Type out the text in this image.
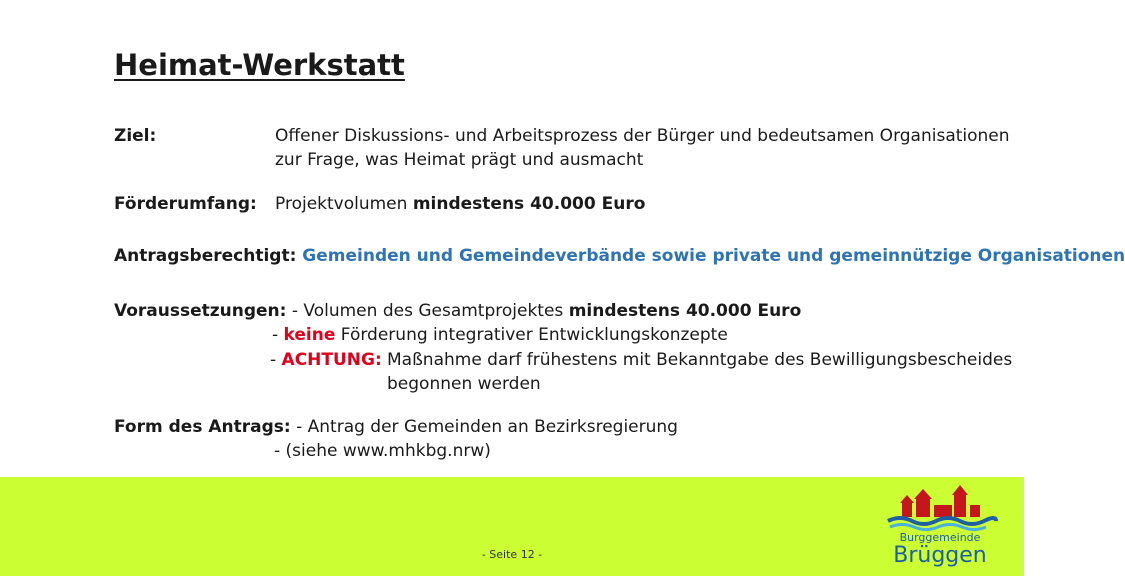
Heimat-Werkstatt
Ziel:	Offener Diskussions- und Arbeitsprozess der Bürger und bedeutsamen Organisationen
zur Frage, was Heimat prägt und ausmacht
Förderumfang: Projektvolumen mindestens 40.000 Euro
Antragsberechtigt: Gemeinden und Gemeindeverbände sowie private und gemeinnützige Organisationen
Voraussetzungen: - Volumen des Gesamtprojektes mindestens 40.000 Euro
- keine Förderung integrativer Entwicklungskonzepte
- ACHTUNG: Maßnahme darf frühestens mit Bekanntgabe des Bewilligungsbescheides
begonnen werden
Form des Antrags: - Antrag der Gemeinden an Bezirksregierung
- (siehe www.mhkbg.nrw)
- Seite 12 -
Burggemeinde
Brüggen
